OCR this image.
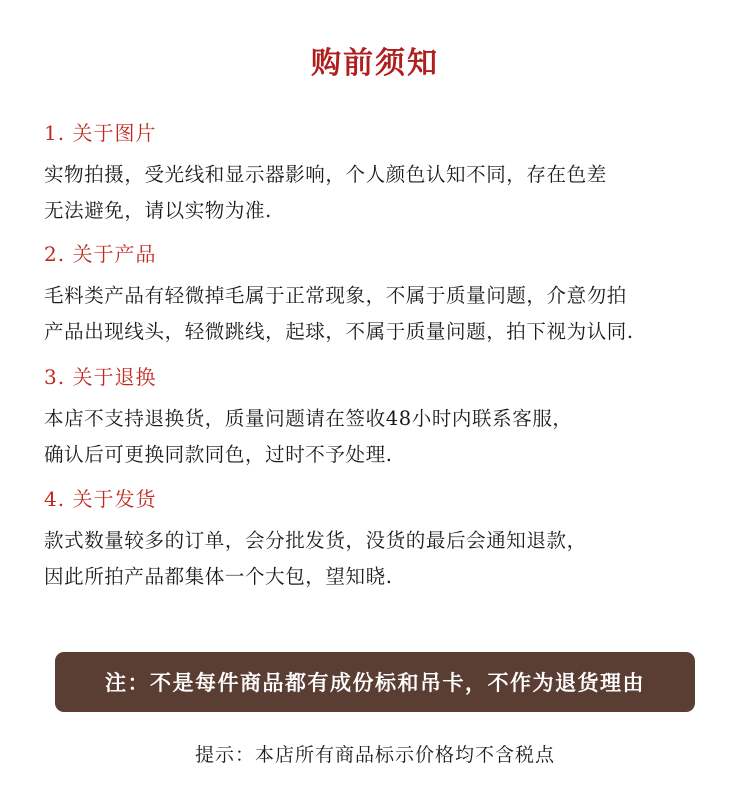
购前须知
1. 关于图片
实物拍摄，受光线和显示器影响，个人颜色认知不同，存在色差
无法避免，请以实物为准.
2. 关于产品
毛料类产品有轻微掉毛属于正常现象，不属于质量问题，介意勿拍
产品出现线头，轻微跳线，起球，不属于质量问题，拍下视为认同.
3. 关于退换
本店不支持退换货，质量问题请在签收48小时内联系客服，
确认后可更换同款同色，过时不予处理.
4. 关于发货
款式数量较多的订单，会分批发货，没货的最后会通知退款，
因此所拍产品都集体一个大包，望知晓.
注：不是每件商品都有成份标和吊卡，不作为退货理由
提示：本店所有商品标示价格均不含税点
